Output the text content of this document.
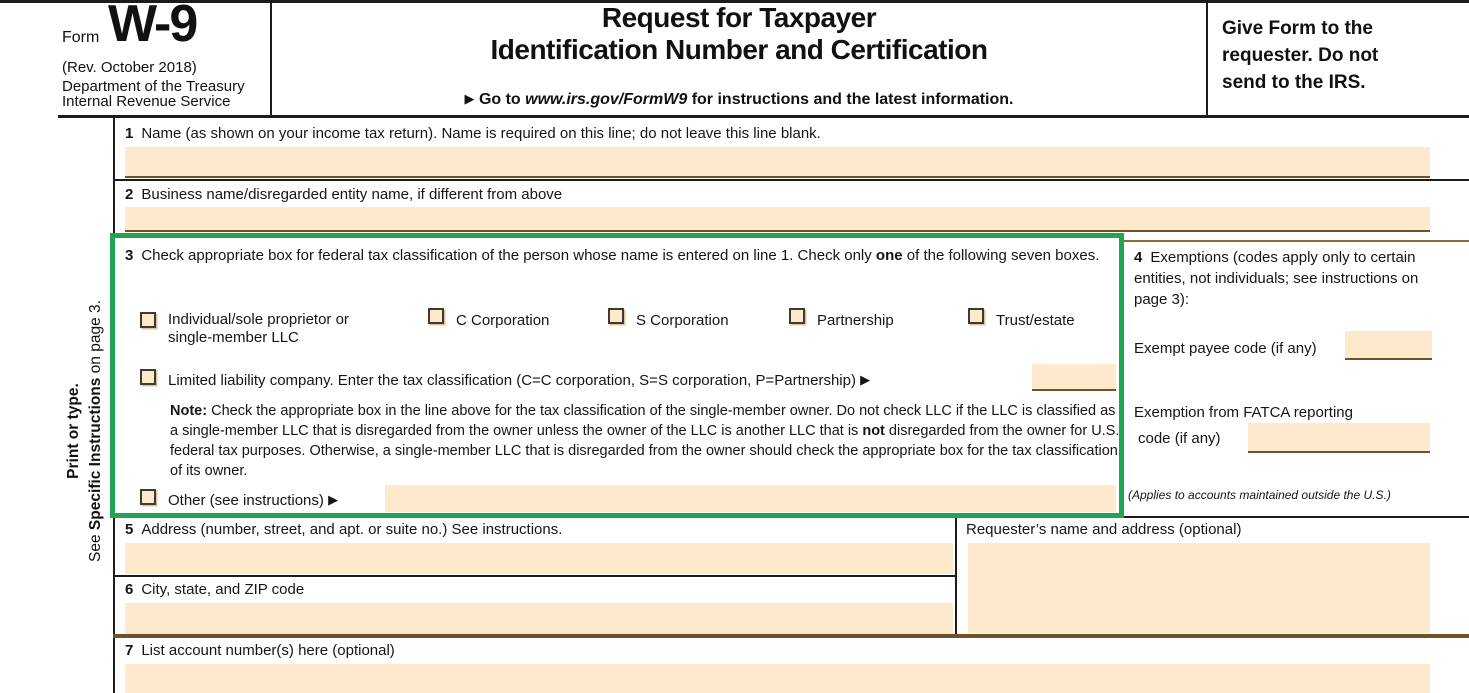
Form W-9
(Rev. October 2018)
Department of the Treasury
Internal Revenue Service
Request for Taxpayer
Identification Number and Certification
▶ Go to www.irs.gov/FormW9 for instructions and the latest information.
Give Form to the
requester. Do not
send to the IRS.
Print or type.
See Specific Instructions on page 3.
1 Name (as shown on your income tax return). Name is required on this line; do not leave this line blank.
2 Business name/disregarded entity name, if different from above
3 Check appropriate box for federal tax classification of the person whose name is entered on line 1. Check only one of the following seven boxes.
Individual/sole proprietor or single-member LLC
C Corporation	S Corporation	Partnership	Trust/estate
Limited liability company. Enter the tax classification (C=C corporation, S=S corporation, P=Partnership) ▶
Note: Check the appropriate box in the line above for the tax classification of the single-member owner. Do not check LLC if the LLC is classified as a single-member LLC that is disregarded from the owner unless the owner of the LLC is another LLC that is not disregarded from the owner for U.S. federal tax purposes. Otherwise, a single-member LLC that is disregarded from the owner should check the appropriate box for the tax classification of its owner.
Other (see instructions) ▶
4 Exemptions (codes apply only to certain entities, not individuals; see instructions on page 3):
Exempt payee code (if any)
Exemption from FATCA reporting
code (if any)
(Applies to accounts maintained outside the U.S.)
5 Address (number, street, and apt. or suite no.) See instructions.
6 City, state, and ZIP code
Requester’s name and address (optional)
7 List account number(s) here (optional)
